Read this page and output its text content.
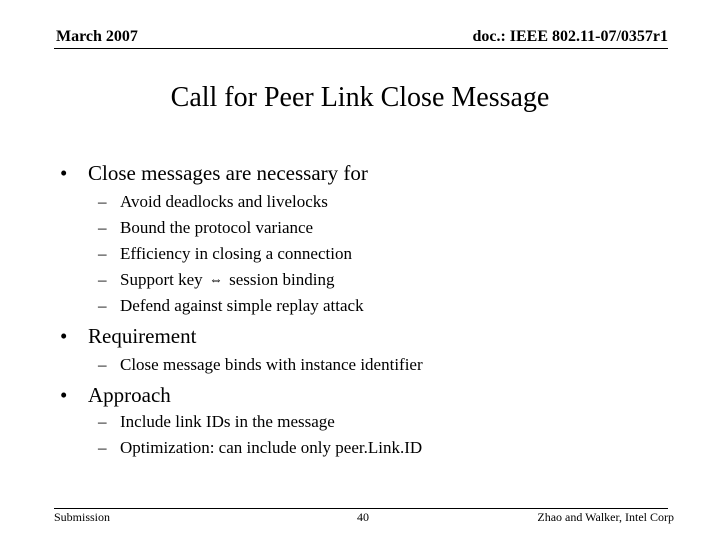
March 2007	doc.: IEEE 802.11-07/0357r1
Call for Peer Link Close Message
• Close messages are necessary for
– Avoid deadlocks and livelocks
– Bound the protocol variance
– Efficiency in closing a connection
– Support key ⇔ session binding
– Defend against simple replay attack
• Requirement
– Close message binds with instance identifier
• Approach
– Include link IDs in the message
– Optimization: can include only peer.Link.ID
Submission	40	Zhao and Walker, Intel Corp
